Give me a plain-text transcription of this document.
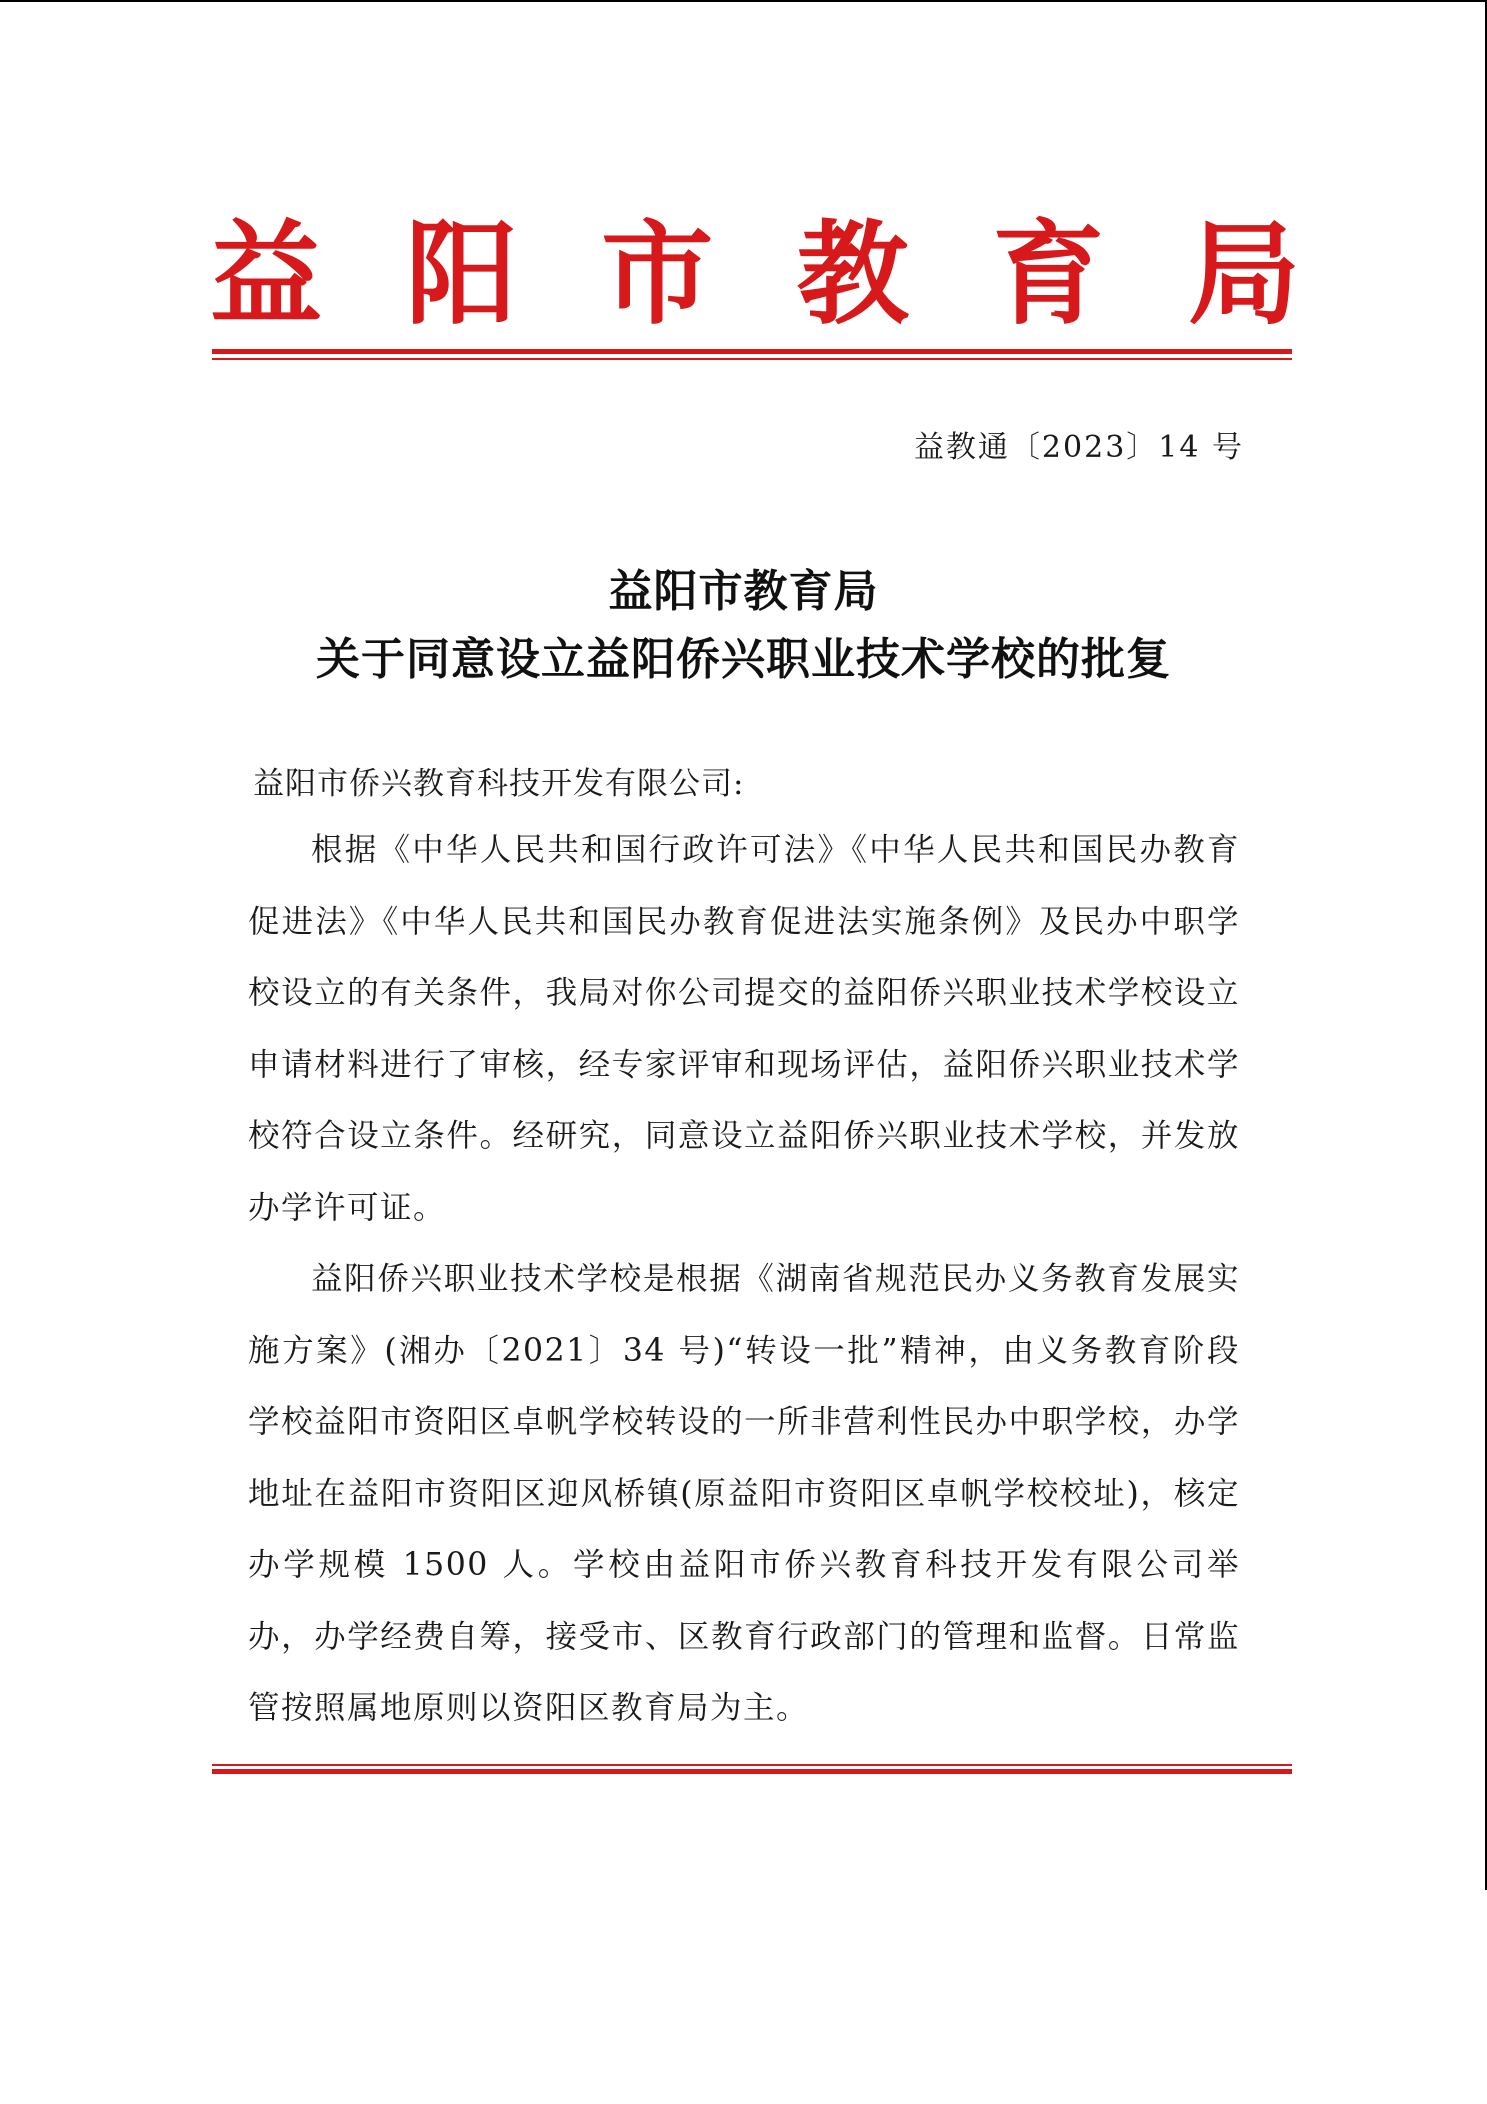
益 阳 市 教 育 局
益教通〔2023〕14 号
益阳市教育局
关于同意设立益阳侨兴职业技术学校的批复
益阳市侨兴教育科技开发有限公司:

根据《中华人民共和国行政许可法》《中华人民共和国民办教育促进法》《中华人民共和国民办教育促进法实施条例》及民办中职学校设立的有关条件，我局对你公司提交的益阳侨兴职业技术学校设立申请材料进行了审核，经专家评审和现场评估，益阳侨兴职业技术学校符合设立条件。经研究，同意设立益阳侨兴职业技术学校，并发放办学许可证。

益阳侨兴职业技术学校是根据《湖南省规范民办义务教育发展实施方案》(湘办〔2021〕34 号)“转设一批”精神，由义务教育阶段学校益阳市资阳区卓帆学校转设的一所非营利性民办中职学校，办学地址在益阳市资阳区迎风桥镇(原益阳市资阳区卓帆学校校址)，核定办学规模 1500 人。学校由益阳市侨兴教育科技开发有限公司举办，办学经费自筹，接受市、区教育行政部门的管理和监督。日常监管按照属地原则以资阳区教育局为主。
